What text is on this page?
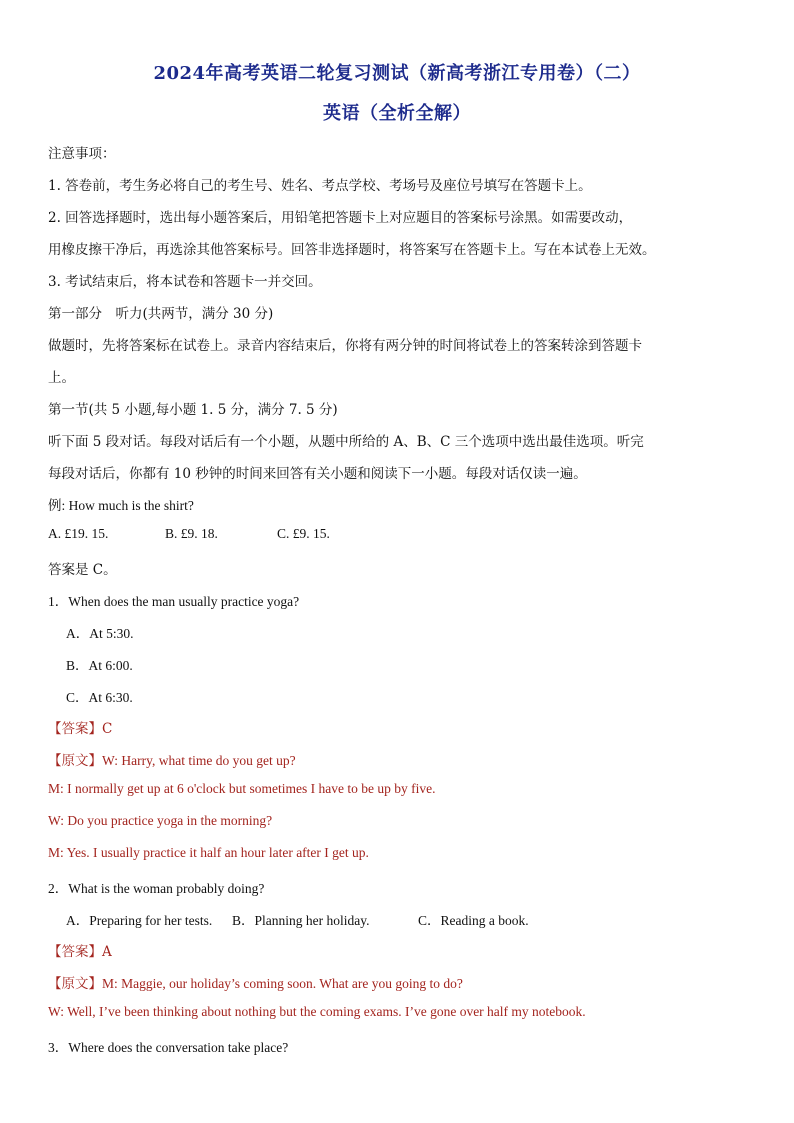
2024年高考英语二轮复习测试（新高考浙江专用卷）（二）
英语（全析全解）
注意事项：
1. 答卷前，考生务必将自己的考生号、姓名、考点学校、考场号及座位号填写在答题卡上。
2. 回答选择题时，选出每小题答案后，用铅笔把答题卡上对应题目的答案标号涂黑。如需要改动，
用橡皮擦干净后，再选涂其他答案标号。回答非选择题时，将答案写在答题卡上。写在本试卷上无效。
3. 考试结束后，将本试卷和答题卡一并交回。
第一部分　听力(共两节，满分 30 分)
做题时，先将答案标在试卷上。录音内容结束后，你将有两分钟的时间将试卷上的答案转涂到答题卡
上。
第一节(共 5 小题,每小题 1. 5 分，满分 7. 5 分)
听下面 5 段对话。每段对话后有一个小题，从题中所给的 A、B、C 三个选项中选出最佳选项。听完
每段对话后，你都有 10 秒钟的时间来回答有关小题和阅读下一小题。每段对话仅读一遍。
例: How much is the shirt?
A. £19. 15.	B. £9. 18.	C. £9. 15.
答案是 C。
1．When does the man usually practice yoga?
A．At 5:30.
B．At 6:00.
C．At 6:30.
【答案】C
【原文】W: Harry, what time do you get up?
M: I normally get up at 6 o'clock but sometimes I have to be up by five.
W: Do you practice yoga in the morning?
M: Yes. I usually practice it half an hour later after I get up.
2．What is the woman probably doing?
A．Preparing for her tests. B．Planning her holiday.	C．Reading a book.
【答案】A
【原文】M: Maggie, our holiday’s coming soon. What are you going to do?
W: Well, I’ve been thinking about nothing but the coming exams. I’ve gone over half my notebook.
3．Where does the conversation take place?
